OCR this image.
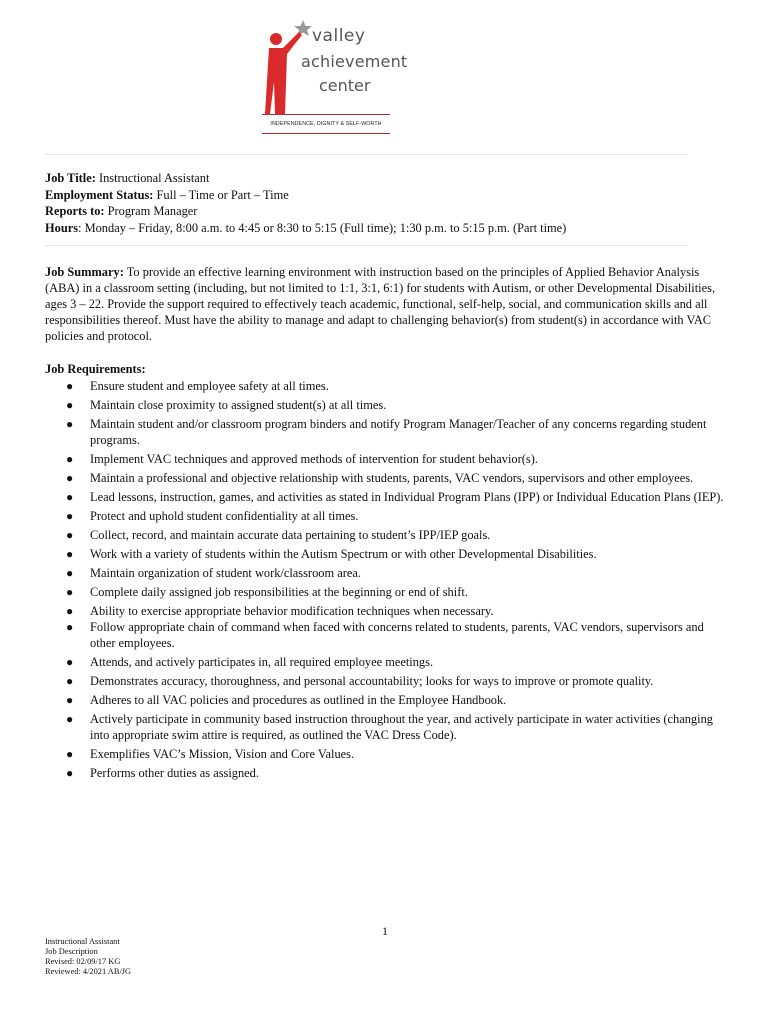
valley
achievement
center
INDEPENDENCE, DIGNITY & SELF-WORTH
Job Title: Instructional Assistant
Employment Status: Full – Time or Part – Time
Reports to: Program Manager
Hours: Monday – Friday, 8:00 a.m. to 4:45 or 8:30 to 5:15 (Full time); 1:30 p.m. to 5:15 p.m. (Part time)
Job Summary: To provide an effective learning environment with instruction based on the principles of Applied Behavior Analysis (ABA) in a classroom setting (including, but not limited to 1:1, 3:1, 6:1) for students with Autism, or other Developmental Disabilities, ages 3 – 22. Provide the support required to effectively teach academic, functional, self-help, social, and communication skills and all responsibilities thereof. Must have the ability to manage and adapt to challenging behavior(s) from student(s) in accordance with VAC policies and protocol.
Job Requirements:
● Ensure student and employee safety at all times.
● Maintain close proximity to assigned student(s) at all times.
● Maintain student and/or classroom program binders and notify Program Manager/Teacher of any concerns regarding student programs.
● Implement VAC techniques and approved methods of intervention for student behavior(s).
● Maintain a professional and objective relationship with students, parents, VAC vendors, supervisors and other employees.
● Lead lessons, instruction, games, and activities as stated in Individual Program Plans (IPP) or Individual Education Plans (IEP).
● Protect and uphold student confidentiality at all times.
● Collect, record, and maintain accurate data pertaining to student’s IPP/IEP goals.
● Work with a variety of students within the Autism Spectrum or with other Developmental Disabilities.
● Maintain organization of student work/classroom area.
● Complete daily assigned job responsibilities at the beginning or end of shift.
● Ability to exercise appropriate behavior modification techniques when necessary.
● Follow appropriate chain of command when faced with concerns related to students, parents, VAC vendors, supervisors and other employees.
● Attends, and actively participates in, all required employee meetings.
● Demonstrates accuracy, thoroughness, and personal accountability; looks for ways to improve or promote quality.
● Adheres to all VAC policies and procedures as outlined in the Employee Handbook.
● Actively participate in community based instruction throughout the year, and actively participate in water activities (changing into appropriate swim attire is required, as outlined the VAC Dress Code).
● Exemplifies VAC’s Mission, Vision and Core Values.
● Performs other duties as assigned.
1
Instructional Assistant
Job Description
Revised: 02/09/17 KG
Reviewed: 4/2021 AB/JG
